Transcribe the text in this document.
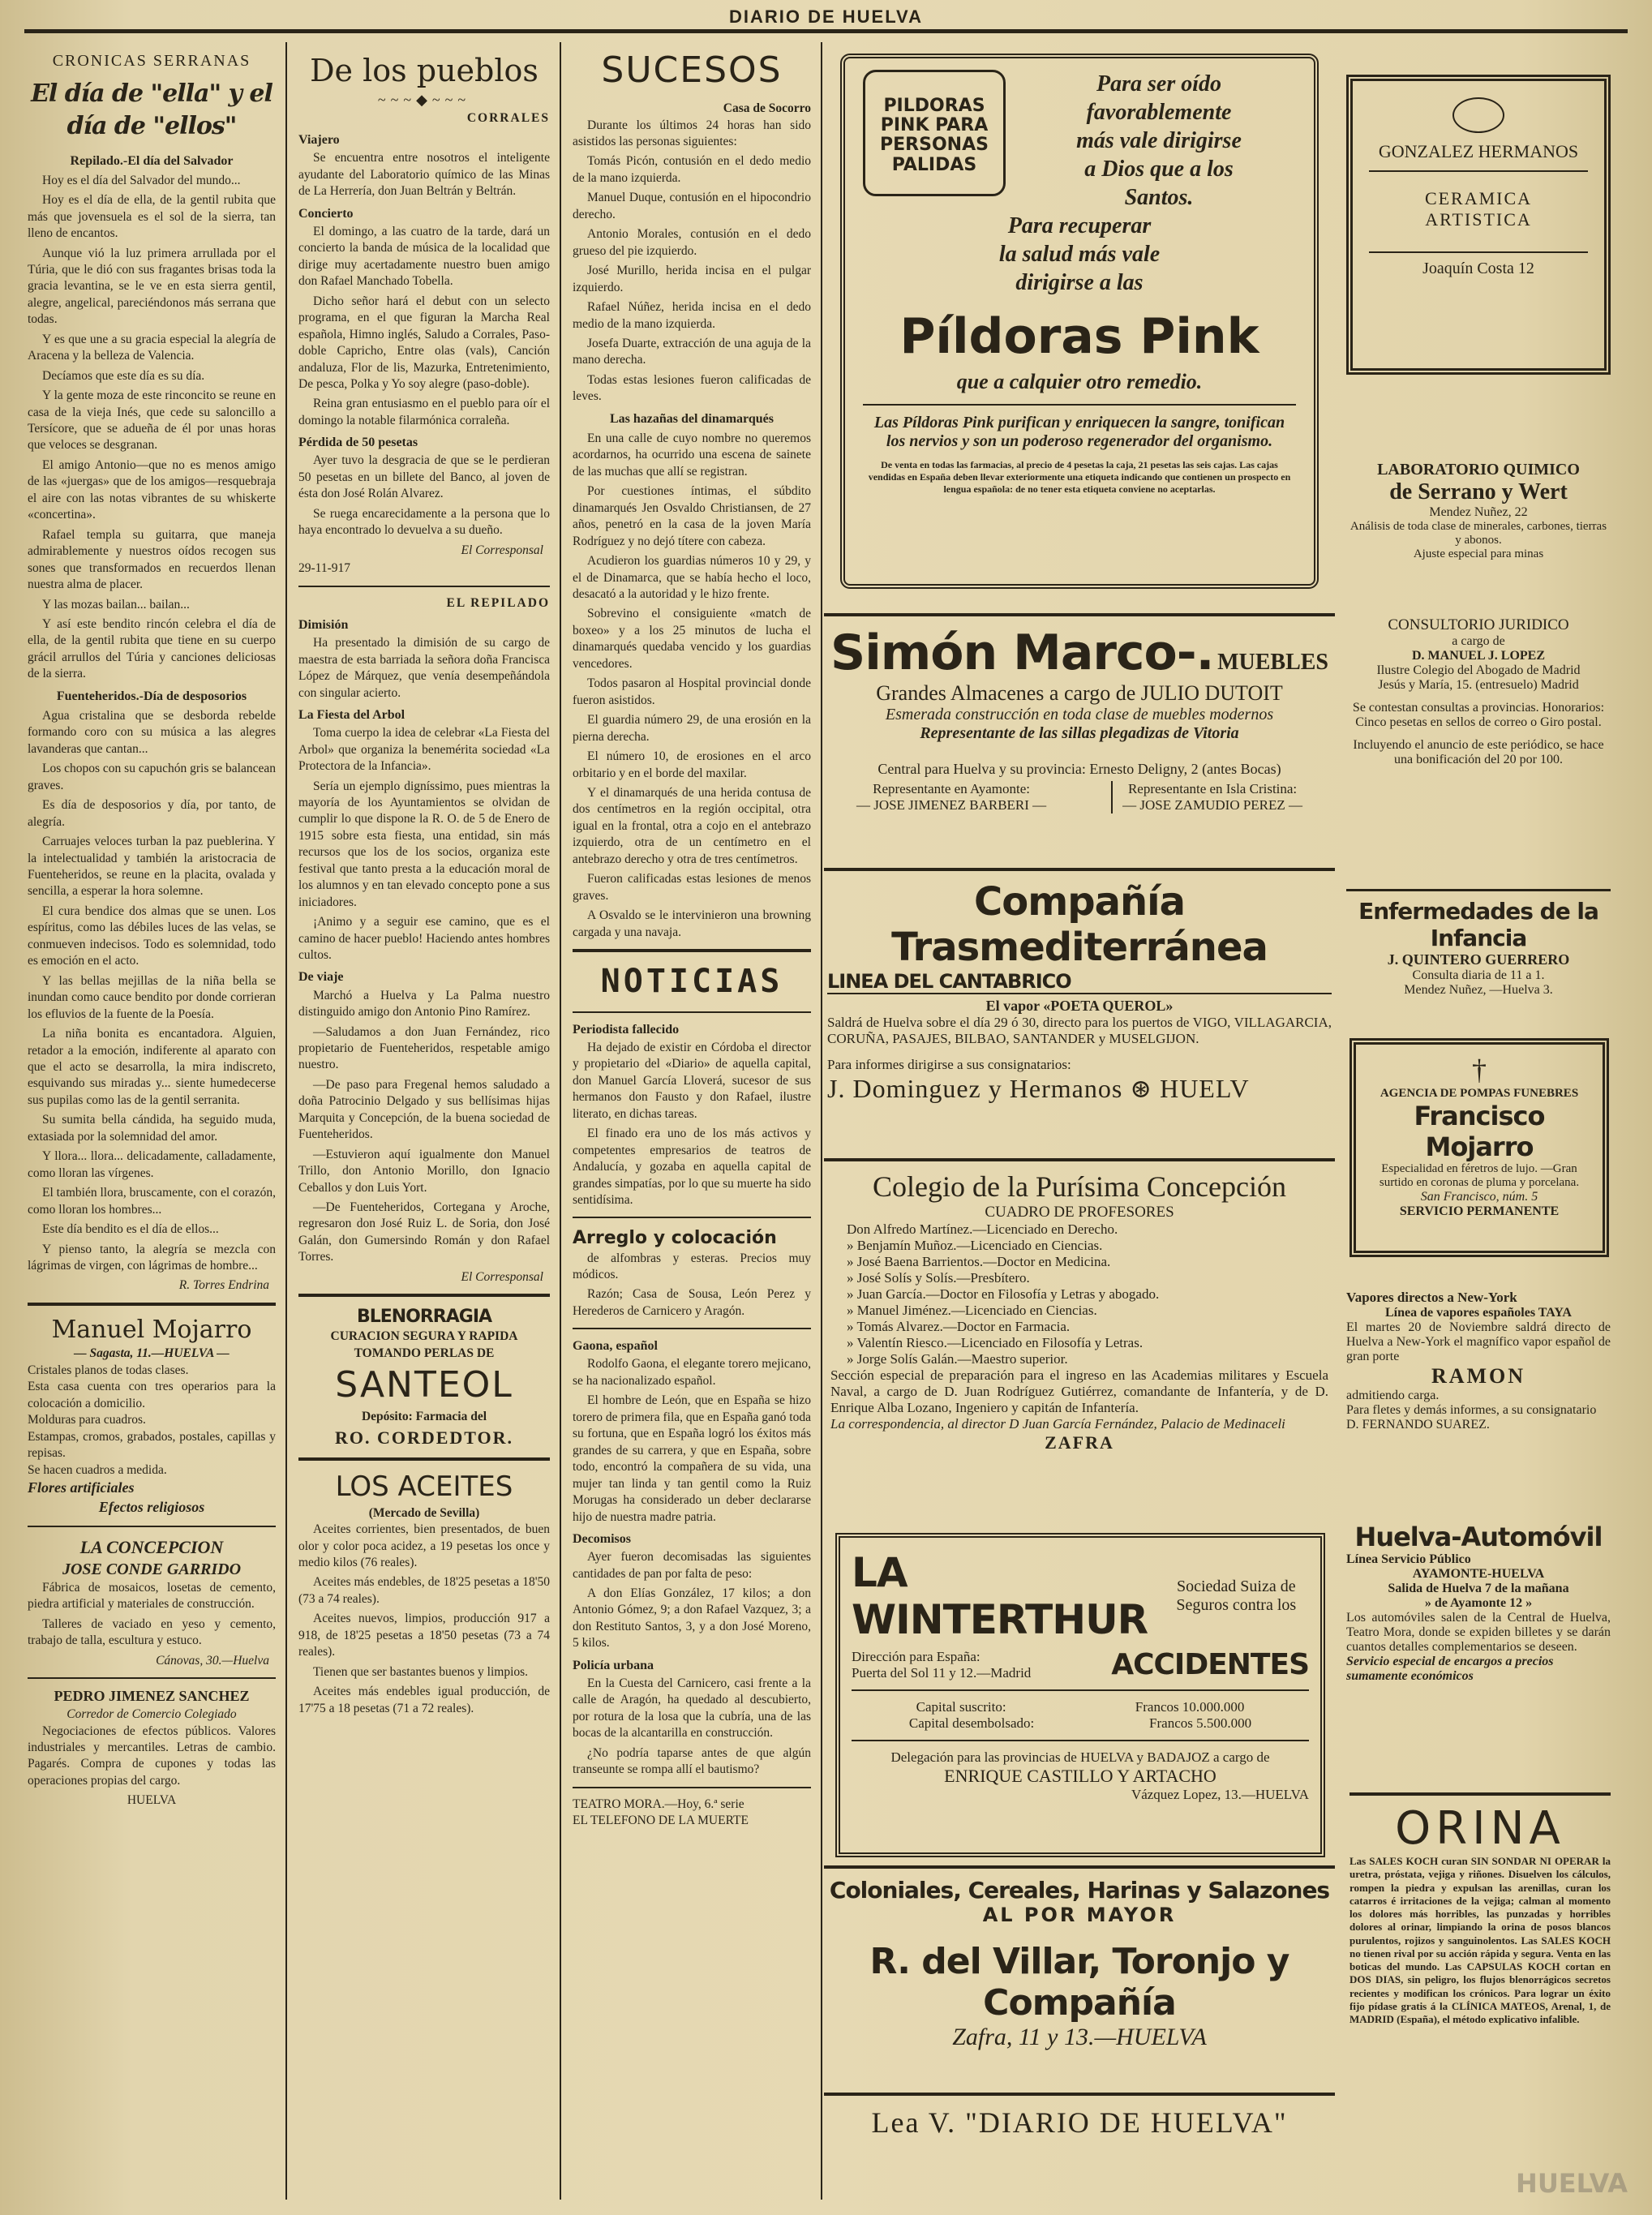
DIARIO DE HUELVA
CRONICAS SERRANAS
El día de "ella" y el día de "ellos"
Repilado.-El día del Salvador

Hoy es el día del Salvador del mundo...

Hoy es el día de ella, de la gentil rubita que más que jovensuela es el sol de la sierra, tan lleno de encantos.

Aunque vió la luz primera arrullada por el Túria, que le dió con sus fragantes brisas toda la gracia levantina, se le ve en esta sierra gentil, alegre, angelical, pareciéndonos más serrana que todas.

Y es que une a su gracia especial la alegría de Aracena y la belleza de Valencia.

Decíamos que este día es su día.

Y la gente moza de este rinconcito se reune en casa de la vieja Inés, que cede su saloncillo a Tersícore, que se adueña de él por unas horas que veloces se desgranan.

El amigo Antonio—que no es menos amigo de las «juergas» que de los amigos—resquebraja el aire con las notas vibrantes de su whiskerte «concertina».

Rafael templa su guitarra, que maneja admirablemente y nuestros oídos recogen sus sones que transformados en recuerdos llenan nuestra alma de placer.

Y las mozas bailan... bailan...

Y así este bendito rincón celebra el día de ella, de la gentil rubita que tiene en su cuerpo grácil arrullos del Túria y canciones deliciosas de la sierra.

Fuenteheridos.-Día de desposorios

Agua cristalina que se desborda rebelde formando coro con su música a las alegres lavanderas que cantan...

Los chopos con su capuchón gris se balancean graves.

Es día de desposorios y día, por tanto, de alegría.

Carruajes veloces turban la paz pueblerina. Y la intelectualidad y también la aristocracia de Fuenteheridos, se reune en la placita, ovalada y sencilla, a esperar la hora solemne.

El cura bendice dos almas que se unen. Los espíritus, como las débiles luces de las velas, se conmueven indecisos. Todo es solemnidad, todo es emoción en el acto.

Y las bellas mejillas de la niña bella se inundan como cauce bendito por donde corrieran los efluvios de la fuente de la Poesía.

La niña bonita es encantadora. Alguien, retador a la emoción, indiferente al aparato con que el acto se desarrolla, la mira indiscreto, esquivando sus miradas y... siente humedecerse sus pupilas como las de la gentil serranita.

Su sumita bella cándida, ha seguido muda, extasiada por la solemnidad del amor.

Y llora... llora... delicadamente, calladamente, como lloran las vírgenes.

El también llora, bruscamente, con el corazón, como lloran los hombres...

Este día bendito es el día de ellos...

Y pienso tanto, la alegría se mezcla con lágrimas de virgen, con lágrimas de hombre...

R. Torres Endrina
Manuel Mojarro
— Sagasta, 11.—HUELVA —
Cristales planos de todas clases.
Esta casa cuenta con tres operarios para la colocación a domicilio.
Molduras para cuadros.
Estampas, cromos, grabados, postales, capillas y repisas.
Se hacen cuadros a medida.
Flores artificiales
Efectos religiosos
LA CONCEPCION
JOSE CONDE GARRIDO

Fábrica de mosaicos, losetas de cemento, piedra artificial y materiales de construcción.

Talleres de vaciado en yeso y cemento, trabajo de talla, escultura y estuco.

Cánovas, 30.—Huelva
PEDRO JIMENEZ SANCHEZ
Corredor de Comercio Colegiado

Negociaciones de efectos públicos. Valores industriales y mercantiles. Letras de cambio. Pagarés. Compra de cupones y todas las operaciones propias del cargo.

HUELVA
De los pueblos
~~~◆~~~
CORRALES
Viajero

Se encuentra entre nosotros el inteligente ayudante del Laboratorio químico de las Minas de La Herrería, don Juan Beltrán y Beltrán.

Concierto

El domingo, a las cuatro de la tarde, dará un concierto la banda de música de la localidad que dirige muy acertadamente nuestro buen amigo don Rafael Manchado Tobella.

Dicho señor hará el debut con un selecto programa, en el que figuran la Marcha Real española, Himno inglés, Saludo a Corrales, Paso-doble Capricho, Entre olas (vals), Canción andaluza, Flor de lis, Mazurka, Entretenimiento, De pesca, Polka y Yo soy alegre (paso-doble).

Reina gran entusiasmo en el pueblo para oír el domingo la notable filarmónica corraleña.

Pérdida de 50 pesetas

Ayer tuvo la desgracia de que se le perdieran 50 pesetas en un billete del Banco, al joven de ésta don José Rolán Alvarez.

Se ruega encarecidamente a la persona que lo haya encontrado lo devuelva a su dueño.

El Corresponsal
29-11-917
EL REPILADO
Dimisión

Ha presentado la dimisión de su cargo de maestra de esta barriada la señora doña Francisca López de Márquez, que venía desempeñándola con singular acierto.

La Fiesta del Arbol

Toma cuerpo la idea de celebrar «La Fiesta del Arbol» que organiza la benemérita sociedad «La Protectora de la Infancia».

Sería un ejemplo digníssimo, pues mientras la mayoría de los Ayuntamientos se olvidan de cumplir lo que dispone la R. O. de 5 de Enero de 1915 sobre esta fiesta, una entidad, sin más recursos que los de los socios, organiza este festival que tanto presta a la educación moral de los alumnos y en tan elevado concepto pone a sus iniciadores.

¡Animo y a seguir ese camino, que es el camino de hacer pueblo! Haciendo antes hombres cultos.

De viaje

Marchó a Huelva y La Palma nuestro distinguido amigo don Antonio Pino Ramírez.

—Saludamos a don Juan Fernández, rico propietario de Fuenteheridos, respetable amigo nuestro.

—De paso para Fregenal hemos saludado a doña Patrocinio Delgado y sus bellísimas hijas Marquita y Concepción, de la buena sociedad de Fuenteheridos.

—Estuvieron aquí igualmente don Manuel Trillo, don Antonio Morillo, don Ignacio Ceballos y don Luis Yort.

—De Fuenteheridos, Cortegana y Aroche, regresaron don José Ruiz L. de Soria, don José Galán, don Gumersindo Román y don Rafael Torres.

El Corresponsal
BLENORRAGIA
CURACION SEGURA Y RAPIDA
TOMANDO PERLAS DE
SANTEOL
Depósito: Farmacia del
RO. CORDEDTOR.
LOS ACEITES
(Mercado de Sevilla)

Aceites corrientes, bien presentados, de buen olor y color poca acidez, a 19 pesetas los once y medio kilos (76 reales).

Aceites más endebles, de 18'25 pesetas a 18'50 (73 a 74 reales).

Aceites nuevos, limpios, producción 917 a 918, de 18'25 pesetas a 18'50 pesetas (73 a 74 reales).

Tienen que ser bastantes buenos y limpios.

Aceites más endebles igual producción, de 17'75 a 18 pesetas (71 a 72 reales).

SUCESOS
Casa de Socorro

Durante los últimos 24 horas han sido asistidos las personas siguientes:

Tomás Picón, contusión en el dedo medio de la mano izquierda.

Manuel Duque, contusión en el hipocondrio derecho.

Antonio Morales, contusión en el dedo grueso del pie izquierdo.

José Murillo, herida incisa en el pulgar izquierdo.

Rafael Núñez, herida incisa en el dedo medio de la mano izquierda.

Josefa Duarte, extracción de una aguja de la mano derecha.

Todas estas lesiones fueron calificadas de leves.

Las hazañas del dinamarqués

En una calle de cuyo nombre no queremos acordarnos, ha ocurrido una escena de sainete de las muchas que allí se registran.

Por cuestiones íntimas, el súbdito dinamarqués Jen Osvaldo Christiansen, de 27 años, penetró en la casa de la joven María Rodríguez y no dejó títere con cabeza.

Acudieron los guardias números 10 y 29, y el de Dinamarca, que se había hecho el loco, desacató a la autoridad y le hizo frente.

Sobrevino el consiguiente «match de boxeo» y a los 25 minutos de lucha el dinamarqués quedaba vencido y los guardias vencedores.

Todos pasaron al Hospital provincial donde fueron asistidos.

El guardia número 29, de una erosión en la pierna derecha.

El número 10, de erosiones en el arco orbitario y en el borde del maxilar.

Y el dinamarqués de una herida contusa de dos centímetros en la región occipital, otra igual en la frontal, otra a cojo en el antebrazo izquierdo, otra de un centímetro en el antebrazo derecho y otra de tres centímetros.

Fueron calificadas estas lesiones de menos graves.

A Osvaldo se le intervinieron una browning cargada y una navaja.

NOTICIAS
Periodista fallecido

Ha dejado de existir en Córdoba el director y propietario del «Diario» de aquella capital, don Manuel García Lloverá, sucesor de sus hermanos don Fausto y don Rafael, ilustre literato, en dichas tareas.

El finado era uno de los más activos y competentes empresarios de teatros de Andalucía, y gozaba en aquella capital de grandes simpatías, por lo que su muerte ha sido sentidísima.

Arreglo y colocación

de alfombras y esteras. Precios muy módicos.

Razón; Casa de Sousa, León Perez y Herederos de Carnicero y Aragón.

Gaona, español

Rodolfo Gaona, el elegante torero mejicano, se ha nacionalizado español.

El hombre de León, que en España se hizo torero de primera fila, que en España ganó toda su fortuna, que en España logró los éxitos más grandes de su carrera, y que en España, sobre todo, encontró la compañera de su vida, una mujer tan linda y tan gentil como la Ruiz Morugas ha considerado un deber declararse hijo de nuestra madre patria.

Decomisos

Ayer fueron decomisadas las siguientes cantidades de pan por falta de peso:

A don Elías González, 17 kilos; a don Antonio Gómez, 9; a don Rafael Vazquez, 3; a don Restituto Santos, 3, y a don José Moreno, 5 kilos.

Policía urbana

En la Cuesta del Carnicero, casi frente a la calle de Aragón, ha quedado al descubierto, por rotura de la losa que la cubría, una de las bocas de la alcantarilla en construcción.

¿No podría taparse antes de que algún transeunte se rompa allí el bautismo?

TEATRO MORA.—Hoy, 6.ª serie
EL TELEFONO DE LA MUERTE
PILDORAS PINK PARA PERSONAS PALIDAS
Para ser oído
favorablemente
más vale dirigirse
a Dios que a los
Santos.
Para recuperar
la salud más vale
dirigirse a las
Píldoras Pink
que a calquier otro remedio.
Las Píldoras Pink purifican y enriquecen la sangre, tonifican los nervios y son un poderoso regenerador del organismo.
De venta en todas las farmacias, al precio de 4 pesetas la caja, 21 pesetas las seis cajas. Las cajas vendidas en España deben llevar exteriormente una etiqueta indicando que contienen un prospecto en lengua española: de no tener esta etiqueta conviene no aceptarlas.
GONZALEZ HERMANOS
CERAMICA
ARTISTICA
Joaquín Costa 12
LABORATORIO QUIMICO
de Serrano y Wert
Mendez Nuñez, 22
Análisis de toda clase de minerales, carbones, tierras y abonos.
Ajuste especial para minas
Simón Marco-. MUEBLES
Grandes Almacenes a cargo de JULIO DUTOIT
Esmerada construcción en toda clase de muebles modernos
Representante de las sillas plegadizas de Vitoria
Central para Huelva y su provincia: Ernesto Deligny, 2 (antes Bocas)
Representante en Ayamonte:
— JOSE JIMENEZ BARBERI —
Representante en Isla Cristina:
— JOSE ZAMUDIO PEREZ —
CONSULTORIO JURIDICO
a cargo de
D. MANUEL J. LOPEZ
Ilustre Colegio del Abogado de Madrid
Jesús y María, 15. (entresuelo) Madrid
Se contestan consultas a provincias. Honorarios: Cinco pesetas en sellos de correo o Giro postal.
Incluyendo el anuncio de este periódico, se hace una bonificación del 20 por 100.
Compañía Trasmediterránea
LINEA DEL CANTABRICO
El vapor «POETA QUEROL»
Saldrá de Huelva sobre el día 29 ó 30, directo para los puertos de VIGO, VILLAGARCIA, CORUÑA, PASAJES, BILBAO, SANTANDER y MUSELGIJON.
Para informes dirigirse a sus consignatarios:
J. Dominguez y Hermanos ⊛ HUELV
Enfermedades de la Infancia
J. QUINTERO GUERRERO
Consulta diaria de 11 a 1.
Mendez Nuñez, —Huelva 3.
†
AGENCIA DE POMPAS FUNEBRES
Francisco Mojarro
Especialidad en féretros de lujo. —Gran surtido en coronas de pluma y porcelana.
San Francisco, núm. 5
SERVICIO PERMANENTE
Colegio de la Purísima Concepción
CUADRO DE PROFESORES
Don Alfredo Martínez.—Licenciado en Derecho.
» Benjamín Muñoz.—Licenciado en Ciencias.
» José Baena Barrientos.—Doctor en Medicina.
» José Solís y Solís.—Presbítero.
» Juan García.—Doctor en Filosofía y Letras y abogado.
» Manuel Jiménez.—Licenciado en Ciencias.
» Tomás Alvarez.—Doctor en Farmacia.
» Valentín Riesco.—Licenciado en Filosofía y Letras.
» Jorge Solís Galán.—Maestro superior.
Sección especial de preparación para el ingreso en las Academias militares y Escuela Naval, a cargo de D. Juan Rodríguez Gutiérrez, comandante de Infantería, y de D. Enrique Alba Lozano, Ingeniero y capitán de Infantería.
La correspondencia, al director D Juan García Fernández, Palacio de Medinaceli
ZAFRA
Vapores directos a New-York
Línea de vapores españoles TAYA
El martes 20 de Noviembre saldrá directo de Huelva a New-York el magnífico vapor español de gran porte
RAMON
admitiendo carga.
Para fletes y demás informes, a su consignatario D. FERNANDO SUAREZ.
LA WINTERTHUR
Sociedad Suiza de Seguros contra los
Dirección para España:
Puerta del Sol 11 y 12.—Madrid	ACCIDENTES
Capital suscrito:	Francos 10.000.000
Capital desembolsado:	Francos 5.500.000
Delegación para las provincias de HUELVA y BADAJOZ a cargo de
ENRIQUE CASTILLO Y ARTACHO
Vázquez Lopez, 13.—HUELVA
Huelva-Automóvil
Línea Servicio Público
AYAMONTE-HUELVA
Salida de Huelva 7 de la mañana
» de Ayamonte 12 »
Los automóviles salen de la Central de Huelva, Teatro Mora, donde se expiden billetes y se darán cuantos detalles complementarios se deseen.
Servicio especial de encargos a precios sumamente económicos
ORINA
Las SALES KOCH curan SIN SONDAR NI OPERAR la uretra, próstata, vejiga y riñones. Disuelven los cálculos, rompen la piedra y expulsan las arenillas, curan los catarros é irritaciones de la vejiga; calman al momento los dolores más horribles, las punzadas y horribles dolores al orinar, limpiando la orina de posos blancos purulentos, rojizos y sanguinolentos. Las SALES KOCH no tienen rival por su acción rápida y segura. Venta en las boticas del mundo. Las CAPSULAS KOCH cortan en DOS DIAS, sin peligro, los flujos blenorrágicos secretos recientes y modifican los crónicos. Para lograr un éxito fijo pídase gratis á la CLÍNICA MATEOS, Arenal, 1, de MADRID (España), el método explicativo infalible.
Coloniales, Cereales, Harinas y Salazones
AL POR MAYOR
R. del Villar, Toronjo y Compañía
Zafra, 11 y 13.—HUELVA
Lea V. "DIARIO DE HUELVA"
HUELVA
